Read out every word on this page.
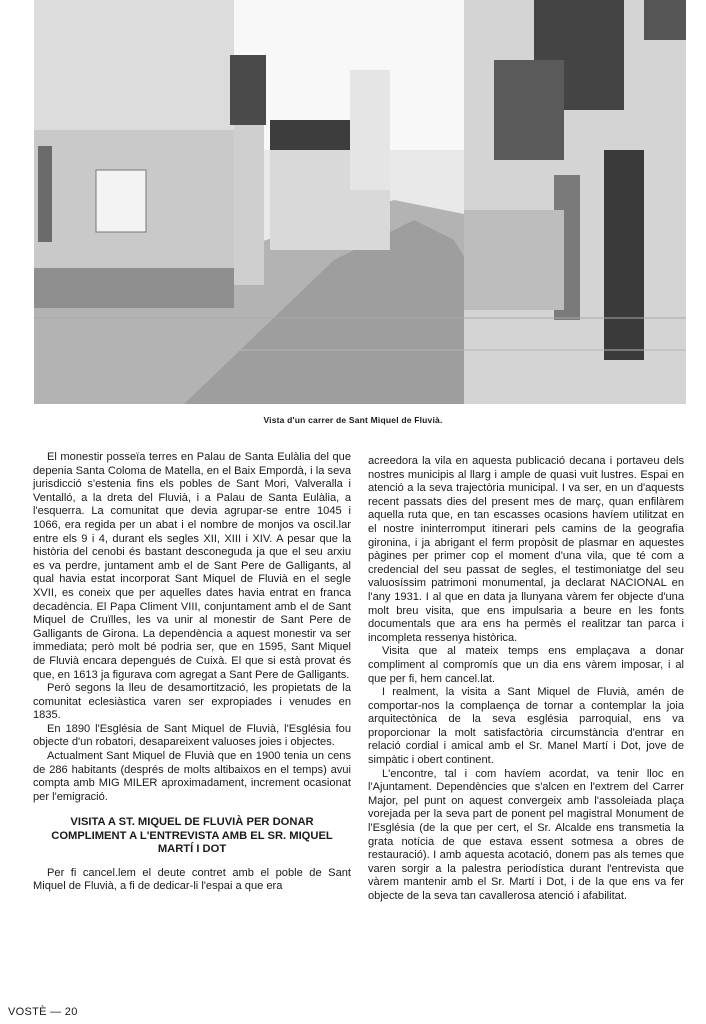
Vista d'un carrer de Sant Miquel de Fluvià.

El monestir posseïa terres en Palau de Santa Eulàlia del que depenia Santa Coloma de Matella, en el Baix Empordà, i la seva jurisdicció s'estenia fins els pobles de Sant Mori, Valveralla i Ventalló, a la dreta del Fluvià, i a Palau de Santa Eulàlia, a l'esquerra. La comunitat que devia agrupar-se entre 1045 i 1066, era regida per un abat i el nombre de monjos va oscil.lar entre els 9 i 4, durant els segles XII, XIII i XIV. A pesar que la història del cenobi és bastant desconeguda ja que el seu arxiu es va perdre, juntament amb el de Sant Pere de Galligants, al qual havia estat incorporat Sant Miquel de Fluvià en el segle XVII, es coneix que per aquelles dates havia entrat en franca decadència. El Papa Climent VIII, conjuntament amb el de Sant Miquel de Cruïlles, les va unir al monestir de Sant Pere de Galligants de Girona. La dependència a aquest monestir va ser immediata; però molt bé podria ser, que en 1595, Sant Miquel de Fluvià encara depengués de Cuixà. El que si està provat és que, en 1613 ja figurava com agregat a Sant Pere de Galligants.

Però segons la lleu de desamortització, les propietats de la comunitat eclesiàstica varen ser expropiades i venudes en 1835.

En 1890 l'Església de Sant Miquel de Fluvià, l'Església fou objecte d'un robatori, desapareixent valuoses joies i objectes.

Actualment Sant Miquel de Fluvià que en 1900 tenia un cens de 286 habitants (després de molts altibaixos en el temps) avui compta amb MIG MILER aproximadament, increment ocasionat per l'emigració.

VISITA A ST. MIQUEL DE FLUVIÀ PER DONAR COMPLIMENT A L'ENTREVISTA AMB EL SR. MIQUEL MARTÍ I DOT

Per fi cancel.lem el deute contret amb el poble de Sant Miquel de Fluvià, a fi de dedicar-li l'espai a que era

acreedora la vila en aquesta publicació decana i portaveu dels nostres municipis al llarg i ample de quasi vuit lustres. Espai en atenció a la seva trajectòria municipal. I va ser, en un d'aquests recent passats dies del present mes de març, quan enfilàrem aquella ruta que, en tan escasses ocasions havíem utilitzat en el nostre ininterromput itinerari pels camins de la geografia gironina, i ja abrigant el ferm propòsit de plasmar en aquestes pàgines per primer cop el moment d'una vila, que té com a credencial del seu passat de segles, el testimoniatge del seu valuosíssim patrimoni monumental, ja declarat NACIONAL en l'any 1931. I al que en data ja llunyana vàrem fer objecte d'una molt breu visita, que ens impulsaria a beure en les fonts documentals que ara ens ha permès el realitzar tan parca i incompleta ressenya històrica.

Visita que al mateix temps ens emplaçava a donar compliment al compromís que un dia ens vàrem imposar, i al que per fi, hem cancel.lat.

I realment, la visita a Sant Miquel de Fluvià, amén de comportar-nos la complaença de tornar a contemplar la joia arquitectònica de la seva església parroquial, ens va proporcionar la molt satisfactòria circumstància d'entrar en relació cordial i amical amb el Sr. Manel Martí i Dot, jove de simpàtic i obert continent.

L'encontre, tal i com havíem acordat, va tenir lloc en l'Ajuntament. Dependències que s'alcen en l'extrem del Carrer Major, pel punt on aquest convergeix amb l'assoleiada plaça vorejada per la seva part de ponent pel magistral Monument de l'Església (de la que per cert, el Sr. Alcalde ens transmetia la grata notícia de que estava essent sotmesa a obres de restauració). I amb aquesta acotació, donem pas als temes que varen sorgir a la palestra periodística durant l'entrevista que vàrem mantenir amb el Sr. Martí i Dot, i de la que ens va fer objecte de la seva tan cavallerosa atenció i afabilitat.

VOSTÈ — 20
